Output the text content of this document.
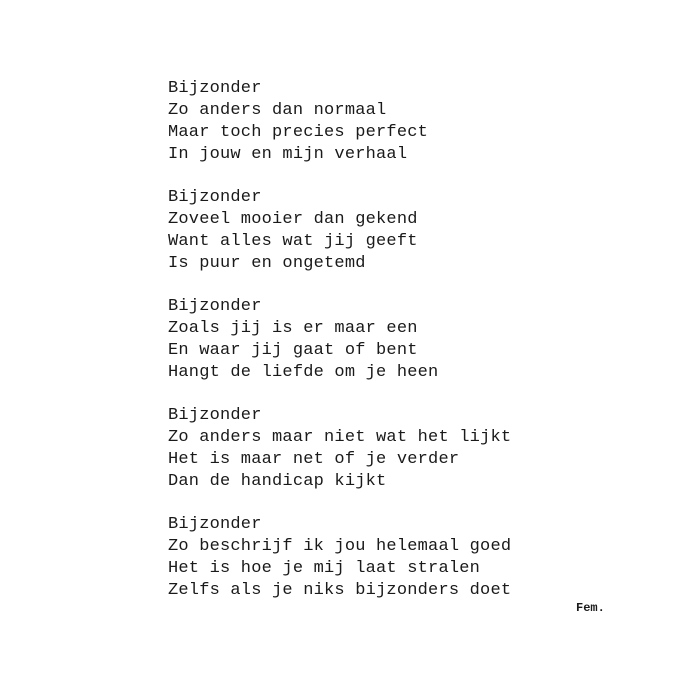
Bijzonder
Zo anders dan normaal
Maar toch precies perfect
In jouw en mijn verhaal
Bijzonder
Zoveel mooier dan gekend
Want alles wat jij geeft
Is puur en ongetemd
Bijzonder
Zoals jij is er maar een
En waar jij gaat of bent
Hangt de liefde om je heen
Bijzonder
Zo anders maar niet wat het lijkt
Het is maar net of je verder
Dan de handicap kijkt
Bijzonder
Zo beschrijf ik jou helemaal goed
Het is hoe je mij laat stralen
Zelfs als je niks bijzonders doet
Fem.
